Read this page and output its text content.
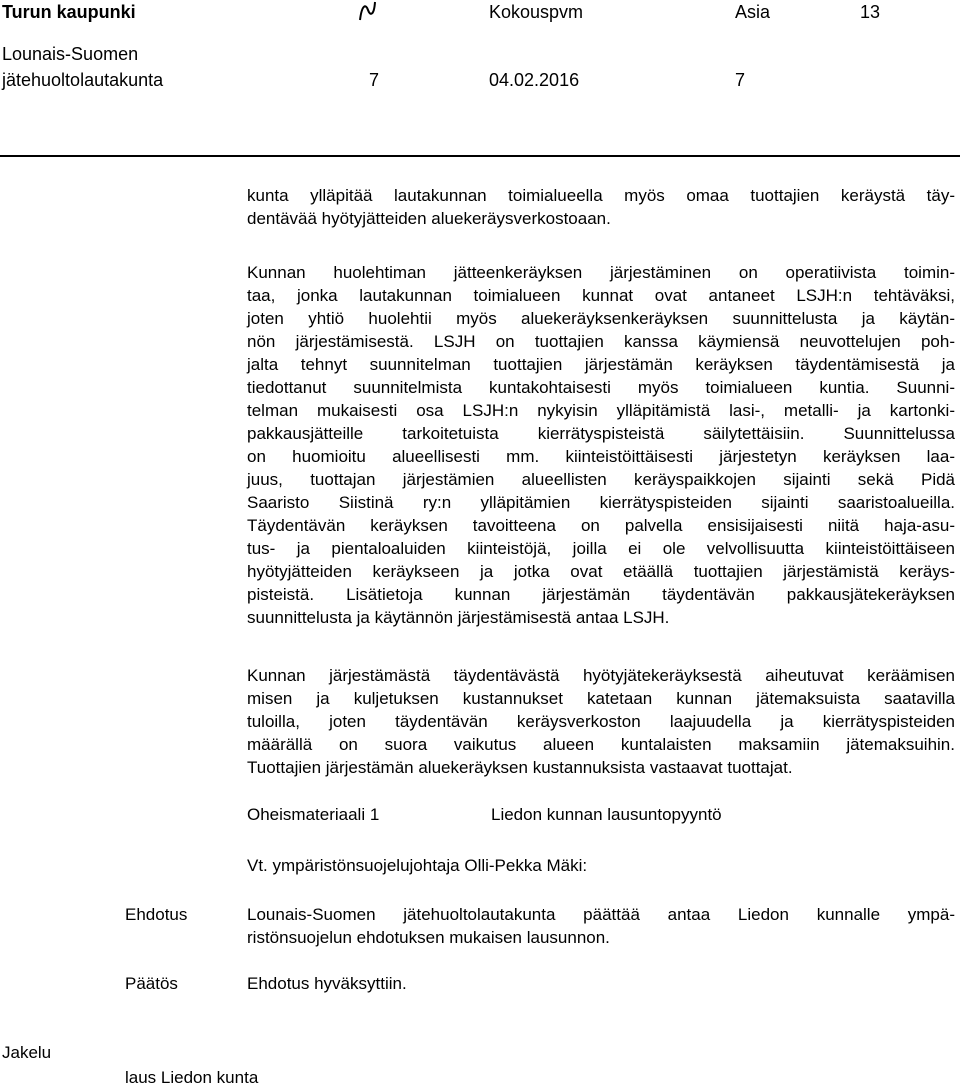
Turun kaupunki	Kokouspvm	Asia	13
Lounais-Suomen
jätehuoltolautakunta	7	04.02.2016	7
kunta ylläpitää lautakunnan toimialueella myös omaa tuottajien keräystä täy-
dentävää hyötyjätteiden aluekeräysverkostoaan.
Kunnan huolehtiman jätteenkeräyksen järjestäminen on operatiivista toimin-
taa, jonka lautakunnan toimialueen kunnat ovat antaneet LSJH:n tehtäväksi,
joten yhtiö huolehtii myös aluekeräyksenkeräyksen suunnittelusta ja käytän-
nön järjestämisestä. LSJH on tuottajien kanssa käymiensä neuvottelujen poh-
jalta tehnyt suunnitelman tuottajien järjestämän keräyksen täydentämisestä ja
tiedottanut suunnitelmista kuntakohtaisesti myös toimialueen kuntia. Suunni-
telman mukaisesti osa LSJH:n nykyisin ylläpitämistä lasi-, metalli- ja kartonki-
pakkausjätteille tarkoitetuista kierrätyspisteistä säilytettäisiin. Suunnittelussa
on huomioitu alueellisesti mm. kiinteistöittäisesti järjestetyn keräyksen laa-
juus, tuottajan järjestämien alueellisten keräyspaikkojen sijainti sekä Pidä
Saaristo Siistinä ry:n ylläpitämien kierrätyspisteiden sijainti saaristoalueilla.
Täydentävän keräyksen tavoitteena on palvella ensisijaisesti niitä haja-asu-
tus- ja pientaloaluiden kiinteistöjä, joilla ei ole velvollisuutta kiinteistöittäiseen
hyötyjätteiden keräykseen ja jotka ovat etäällä tuottajien järjestämistä keräys-
pisteistä. Lisätietoja kunnan järjestämän täydentävän pakkausjätekeräyksen
suunnittelusta ja käytännön järjestämisestä antaa LSJH.
Kunnan järjestämästä täydentävästä hyötyjätekeräyksestä aiheutuvat keräämisen
misen ja kuljetuksen kustannukset katetaan kunnan jätemaksuista saatavilla
tuloilla, joten täydentävän keräysverkoston laajuudella ja kierrätyspisteiden
määrällä on suora vaikutus alueen kuntalaisten maksamiin jätemaksuihin.
Tuottajien järjestämän aluekeräyksen kustannuksista vastaavat tuottajat.
Oheismateriaali 1	Liedon kunnan lausuntopyyntö
Vt. ympäristönsuojelujohtaja Olli-Pekka Mäki:
Ehdotus	Lounais-Suomen jätehuoltolautakunta päättää antaa Liedon kunnalle ympä-
ristönsuojelun ehdotuksen mukaisen lausunnon.
Päätös	Ehdotus hyväksyttiin.
Jakelu
laus Liedon kunta
